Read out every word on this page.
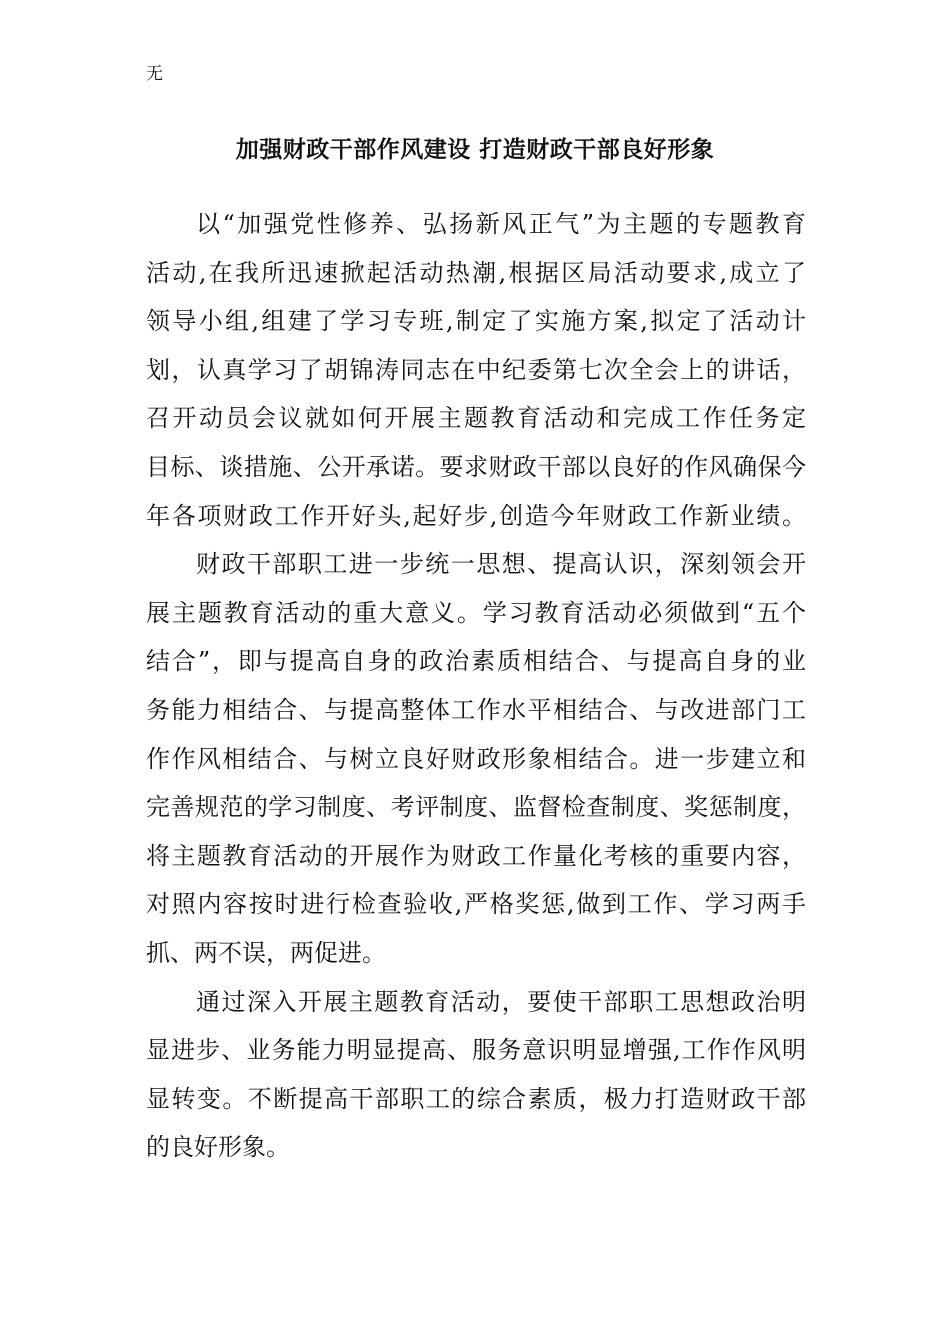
无
加强财政干部作风建设 打造财政干部良好形象
以“加强党性修养、弘扬新风正气”为主题的专题教育
活动,在我所迅速掀起活动热潮,根据区局活动要求,成立了
领导小组,组建了学习专班,制定了实施方案,拟定了活动计
划，认真学习了胡锦涛同志在中纪委第七次全会上的讲话，
召开动员会议就如何开展主题教育活动和完成工作任务定
目标、谈措施、公开承诺。要求财政干部以良好的作风确保今
年各项财政工作开好头,起好步,创造今年财政工作新业绩。
财政干部职工进一步统一思想、提高认识，深刻领会开
展主题教育活动的重大意义。学习教育活动必须做到“五个
结合”，即与提高自身的政治素质相结合、与提高自身的业
务能力相结合、与提高整体工作水平相结合、与改进部门工
作作风相结合、与树立良好财政形象相结合。进一步建立和
完善规范的学习制度、考评制度、监督检查制度、奖惩制度，
将主题教育活动的开展作为财政工作量化考核的重要内容，
对照内容按时进行检查验收,严格奖惩,做到工作、学习两手
抓、两不误，两促进。
通过深入开展主题教育活动，要使干部职工思想政治明
显进步、业务能力明显提高、服务意识明显增强,工作作风明
显转变。不断提高干部职工的综合素质，极力打造财政干部
的良好形象。
